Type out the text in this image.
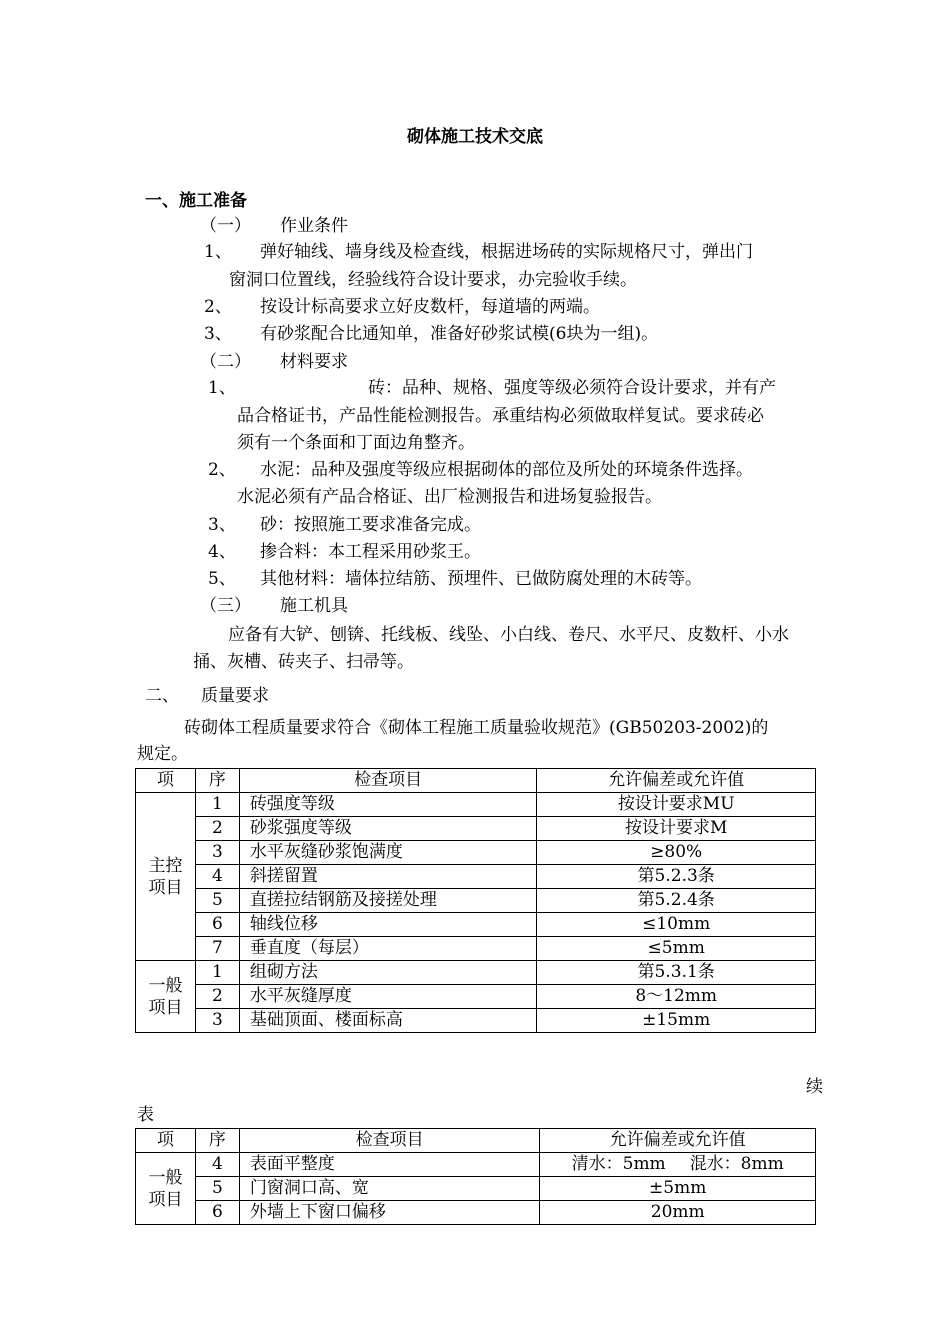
砌体施工技术交底
一、施工准备
（一） 作业条件
1、 弹好轴线、墙身线及检查线，根据进场砖的实际规格尺寸，弹出门
窗洞口位置线，经验线符合设计要求，办完验收手续。
2、 按设计标高要求立好皮数杆，每道墙的两端。
3、 有砂浆配合比通知单，准备好砂浆试模(6块为一组)。
（二） 材料要求
1、	砖：品种、规格、强度等级必须符合设计要求，并有产
品合格证书，产品性能检测报告。承重结构必须做取样复试。要求砖必
须有一个条面和丁面边角整齐。
2、 水泥：品种及强度等级应根据砌体的部位及所处的环境条件选择。
水泥必须有产品合格证、出厂检测报告和进场复验报告。
3、 砂：按照施工要求准备完成。
4、 掺合料：本工程采用砂浆王。
5、 其他材料：墙体拉结筋、预埋件、已做防腐处理的木砖等。
（三） 施工机具
应备有大铲、刨锛、托线板、线坠、小白线、卷尺、水平尺、皮数杆、小水
捅、灰槽、砖夹子、扫帚等。
二、 质量要求
砖砌体工程质量要求符合《砌体工程施工质量验收规范》(GB50203-2002)的
规定。
项	序	检查项目	允许偏差或允许值
主控项目	1	砖强度等级	按设计要求MU
	2	砂浆强度等级	按设计要求M
	3	水平灰缝砂浆饱满度	≥80%
	4	斜搓留置	第5.2.3条
	5	直搓拉结钢筋及接搓处理	第5.2.4条
	6	轴线位移	≤10mm
	7	垂直度（每层）	≤5mm
一般项目	1	组砌方法	第5.3.1条
	2	水平灰缝厚度	8～12mm
	3	基础顶面、楼面标高	±15mm
续
表
项	序	检查项目	允许偏差或允许值
一般项目	4	表面平整度	清水：5mm 混水：8mm
	5	门窗洞口高、宽	±5mm
	6	外墙上下窗口偏移	20mm
